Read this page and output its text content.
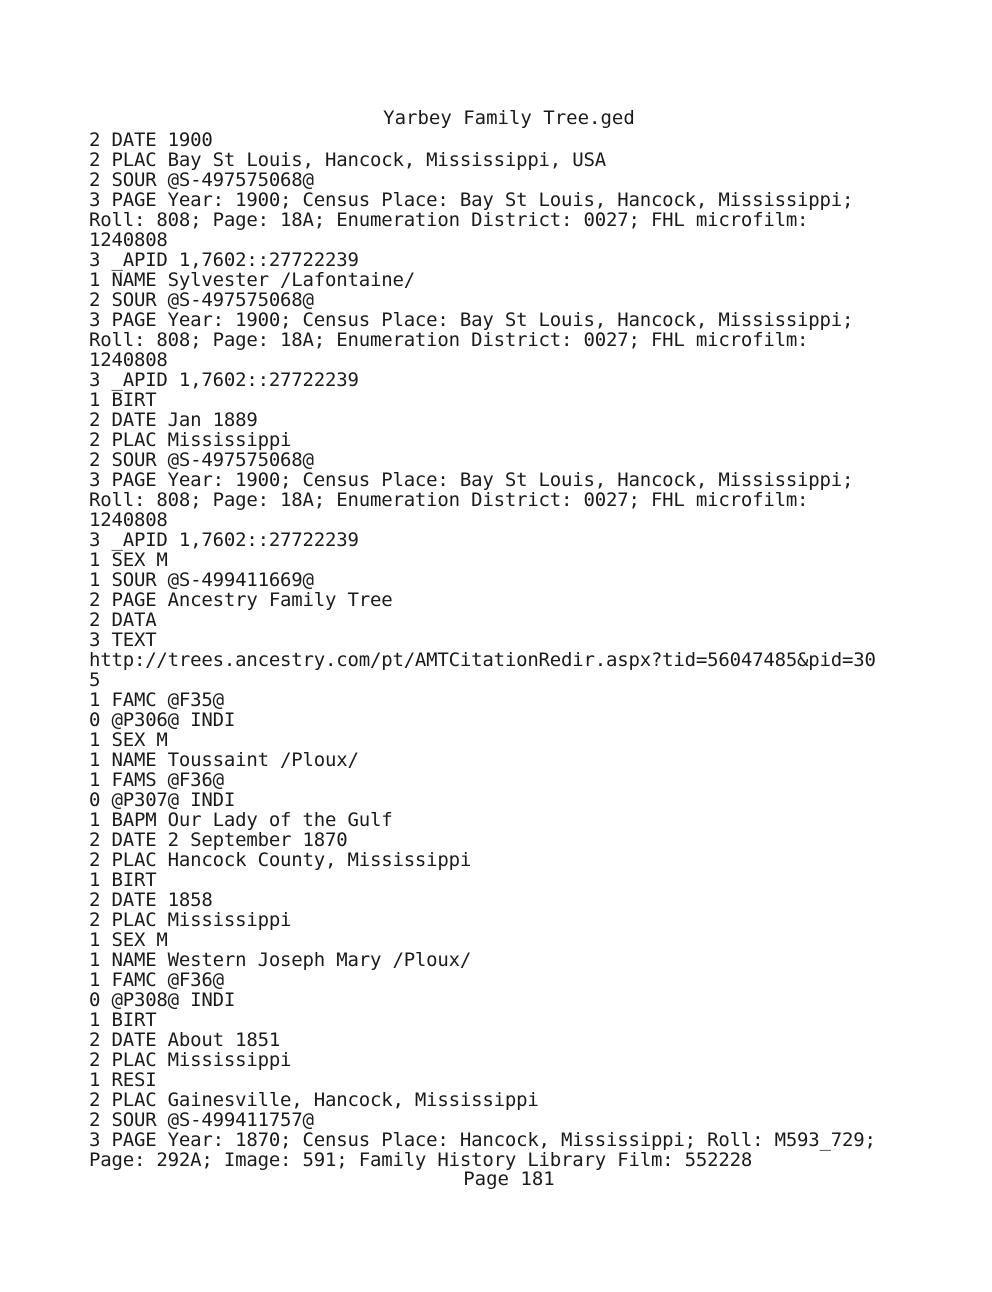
Yarbey Family Tree.ged
2 DATE 1900
2 PLAC Bay St Louis, Hancock, Mississippi, USA
2 SOUR @S-497575068@
3 PAGE Year: 1900; Census Place: Bay St Louis, Hancock, Mississippi;
Roll: 808; Page: 18A; Enumeration District: 0027; FHL microfilm:
1240808
3 _APID 1,7602::27722239
1 NAME Sylvester /Lafontaine/
2 SOUR @S-497575068@
3 PAGE Year: 1900; Census Place: Bay St Louis, Hancock, Mississippi;
Roll: 808; Page: 18A; Enumeration District: 0027; FHL microfilm:
1240808
3 _APID 1,7602::27722239
1 BIRT
2 DATE Jan 1889
2 PLAC Mississippi
2 SOUR @S-497575068@
3 PAGE Year: 1900; Census Place: Bay St Louis, Hancock, Mississippi;
Roll: 808; Page: 18A; Enumeration District: 0027; FHL microfilm:
1240808
3 _APID 1,7602::27722239
1 SEX M
1 SOUR @S-499411669@
2 PAGE Ancestry Family Tree
2 DATA
3 TEXT
http://trees.ancestry.com/pt/AMTCitationRedir.aspx?tid=56047485&pid=30
5
1 FAMC @F35@
0 @P306@ INDI
1 SEX M
1 NAME Toussaint /Ploux/
1 FAMS @F36@
0 @P307@ INDI
1 BAPM Our Lady of the Gulf
2 DATE 2 September 1870
2 PLAC Hancock County, Mississippi
1 BIRT
2 DATE 1858
2 PLAC Mississippi
1 SEX M
1 NAME Western Joseph Mary /Ploux/
1 FAMC @F36@
0 @P308@ INDI
1 BIRT
2 DATE About 1851
2 PLAC Mississippi
1 RESI
2 PLAC Gainesville, Hancock, Mississippi
2 SOUR @S-499411757@
3 PAGE Year: 1870; Census Place: Hancock, Mississippi; Roll: M593_729;
Page: 292A; Image: 591; Family History Library Film: 552228
Page 181
